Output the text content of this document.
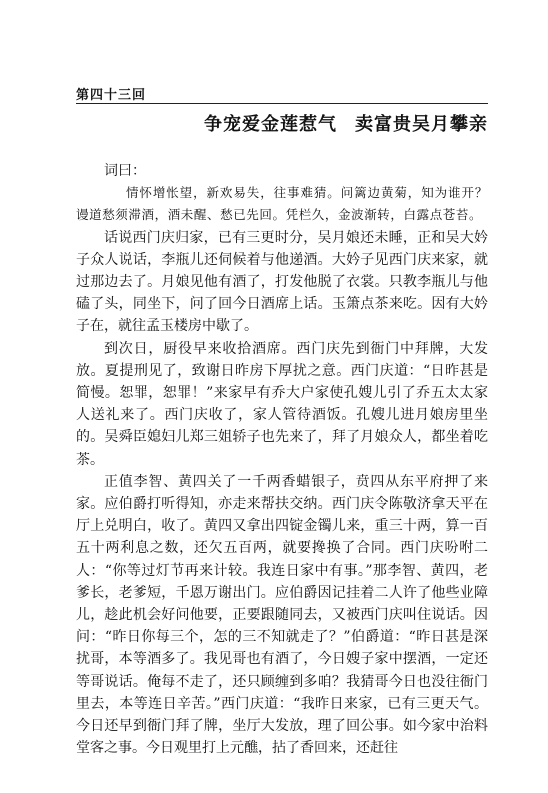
第四十三回
争宠爱金莲惹气 卖富贵吴月攀亲

词曰：

情怀增怅望，新欢易失，往事难猜。问篱边黄菊，知为谁开？谩道愁须滞酒，酒未醒、愁已先回。凭栏久，金波渐转，白露点苍苔。

话说西门庆归家，已有三更时分，吴月娘还未睡，正和吴大妗子众人说话，李瓶儿还伺候着与他递酒。大妗子见西门庆来家，就过那边去了。月娘见他有酒了，打发他脱了衣裳。只教李瓶儿与他磕了头，同坐下，问了回今日酒席上话。玉箫点茶来吃。因有大妗子在，就往孟玉楼房中歇了。

到次日，厨役早来收拾酒席。西门庆先到衙门中拜牌，大发放。夏提刑见了，致谢日昨房下厚扰之意。西门庆道：“日昨甚是简慢。恕罪，恕罪！”来家早有乔大户家使孔嫂儿引了乔五太太家人送礼来了。西门庆收了，家人管待酒饭。孔嫂儿进月娘房里坐的。吴舜臣媳妇儿郑三姐轿子也先来了，拜了月娘众人，都坐着吃茶。

正值李智、黄四关了一千两香蜡银子，贲四从东平府押了来家。应伯爵打听得知，亦走来帮扶交纳。西门庆令陈敬济拿天平在厅上兑明白，收了。黄四又拿出四锭金镯儿来，重三十两，算一百五十两利息之数，还欠五百两，就要搀换了合同。西门庆吩咐二人：“你等过灯节再来计较。我连日家中有事。”那李智、黄四，老爹长，老爹短，千恩万谢出门。应伯爵因记挂着二人许了他些业障儿，趁此机会好问他要，正要跟随同去，又被西门庆叫住说话。因问：“昨日你每三个，怎的三不知就走了？”伯爵道：“昨日甚是深扰哥，本等酒多了。我见哥也有酒了，今日嫂子家中摆酒，一定还等哥说话。俺每不走了，还只顾缠到多咱？我猜哥今日也没往衙门里去，本等连日辛苦。”西门庆道：“我昨日来家，已有三更天气。今日还早到衙门拜了牌，坐厅大发放，理了回公事。如今家中治料堂客之事。今日观里打上元醮，拈了香回来，还赶往
